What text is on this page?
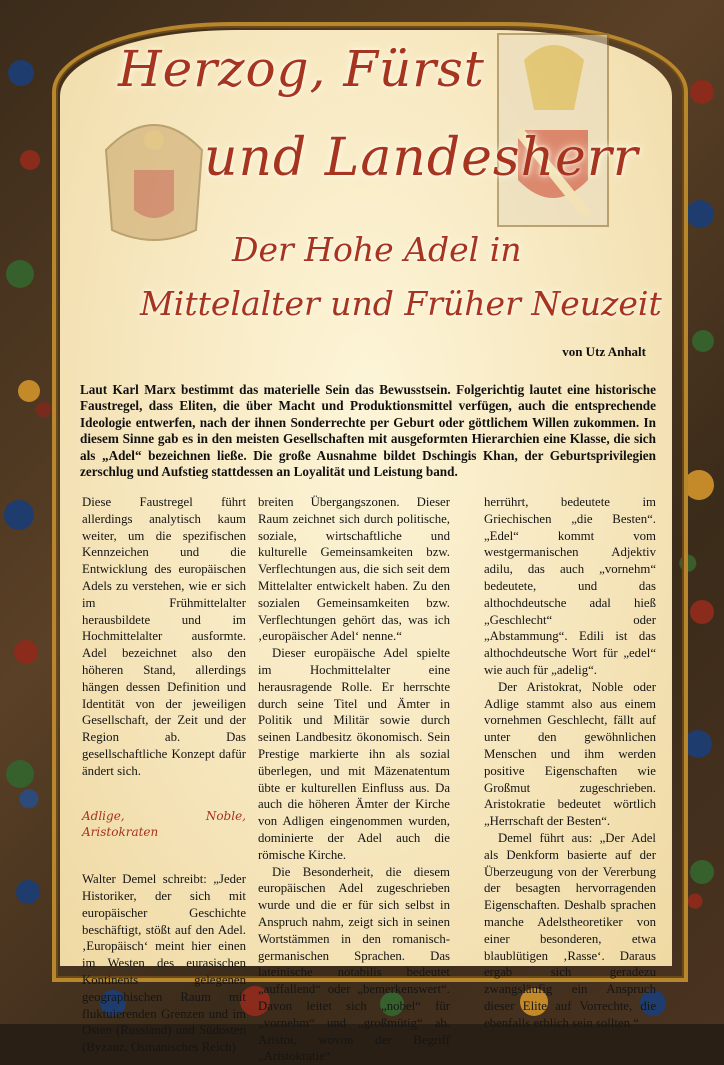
Herzog, Fürst
und Landesherr
Der Hohe Adel in
Mittelalter und Früher Neuzeit
von Utz Anhalt
Laut Karl Marx bestimmt das materielle Sein das Bewusstsein. Folgerichtig lautet eine historische Faustregel, dass Eliten, die über Macht und Produktionsmittel verfügen, auch die entsprechende Ideologie entwerfen, nach der ihnen Sonderrechte per Geburt oder göttlichem Willen zukommen. In diesem Sinne gab es in den meisten Gesellschaften mit ausgeformten Hierarchien eine Klasse, die sich als „Adel“ bezeichnen ließe. Die große Ausnahme bildet Dschingis Khan, der Geburtsprivilegien zerschlug und Aufstieg stattdessen an Loyalität und Leistung band.

Diese Faustregel führt allerdings analytisch kaum weiter, um die spezifischen Kennzeichen und die Entwicklung des europäischen Adels zu verstehen, wie er sich im Frühmittelalter herausbildete und im Hochmittelalter ausformte. Adel bezeichnet also den höheren Stand, allerdings hängen dessen Definition und Identität von der jeweiligen Gesellschaft, der Zeit und der Region ab. Das gesellschaftliche Konzept dafür ändert sich.

Adlige, Noble, Aristokraten

Walter Demel schreibt: „Jeder Historiker, der sich mit europäischer Geschichte beschäftigt, stößt auf den Adel. ‚Europäisch‘ meint hier einen im Westen des eurasischen Kontinents gelegenen geographischen Raum mit fluktuierenden Grenzen und im Osten (Russland) und Südosten (Byzanz, Osmanisches Reich)

breiten Übergangszonen. Dieser Raum zeichnet sich durch politische, soziale, wirtschaftliche und kulturelle Gemeinsamkeiten bzw. Verflechtungen aus, die sich seit dem Mittelalter entwickelt haben. Zu den sozialen Gemeinsamkeiten bzw. Verflechtungen gehört das, was ich ‚europäischer Adel‘ nenne.“

Dieser europäische Adel spielte im Hochmittelalter eine herausragende Rolle. Er herrschte durch seine Titel und Ämter in Politik und Militär sowie durch seinen Landbesitz ökonomisch. Sein Prestige markierte ihn als sozial überlegen, und mit Mäzenatentum übte er kulturellen Einfluss aus. Da auch die höheren Ämter der Kirche von Adligen eingenommen wurden, dominierte der Adel auch die römische Kirche.

Die Besonderheit, die diesem europäischen Adel zugeschrieben wurde und die er für sich selbst in Anspruch nahm, zeigt sich in seinen Wortstämmen in den romanisch-germanischen Sprachen. Das lateinische notabilis bedeutet „auffallend“ oder „bemerkenswert“. Davon leitet sich „nobel“ für „vornehm“ und „großmütig“ ab. Aristoi, wovon der Begriff „Aristokratie“

herrührt, bedeutete im Griechischen „die Besten“. „Edel“ kommt vom westgermanischen Adjektiv adilu, das auch „vornehm“ bedeutete, und das althochdeutsche adal hieß „Geschlecht“ oder „Abstammung“. Edili ist das althochdeutsche Wort für „edel“ wie auch für „adelig“.

Der Aristokrat, Noble oder Adlige stammt also aus einem vornehmen Geschlecht, fällt auf unter den gewöhnlichen Menschen und ihm werden positive Eigenschaften wie Großmut zugeschrieben. Aristokratie bedeutet wörtlich „Herrschaft der Besten“.

Demel führt aus: „Der Adel als Denkform basierte auf der Überzeugung von der Vererbung der besagten hervorragenden Eigenschaften. Deshalb sprachen manche Adelstheoretiker von einer besonderen, etwa blaublütigen ‚Rasse‘. Daraus ergab sich geradezu zwangsläufig ein Anspruch dieser Elite auf Vorrechte, die ebenfalls erblich sein sollten.“
